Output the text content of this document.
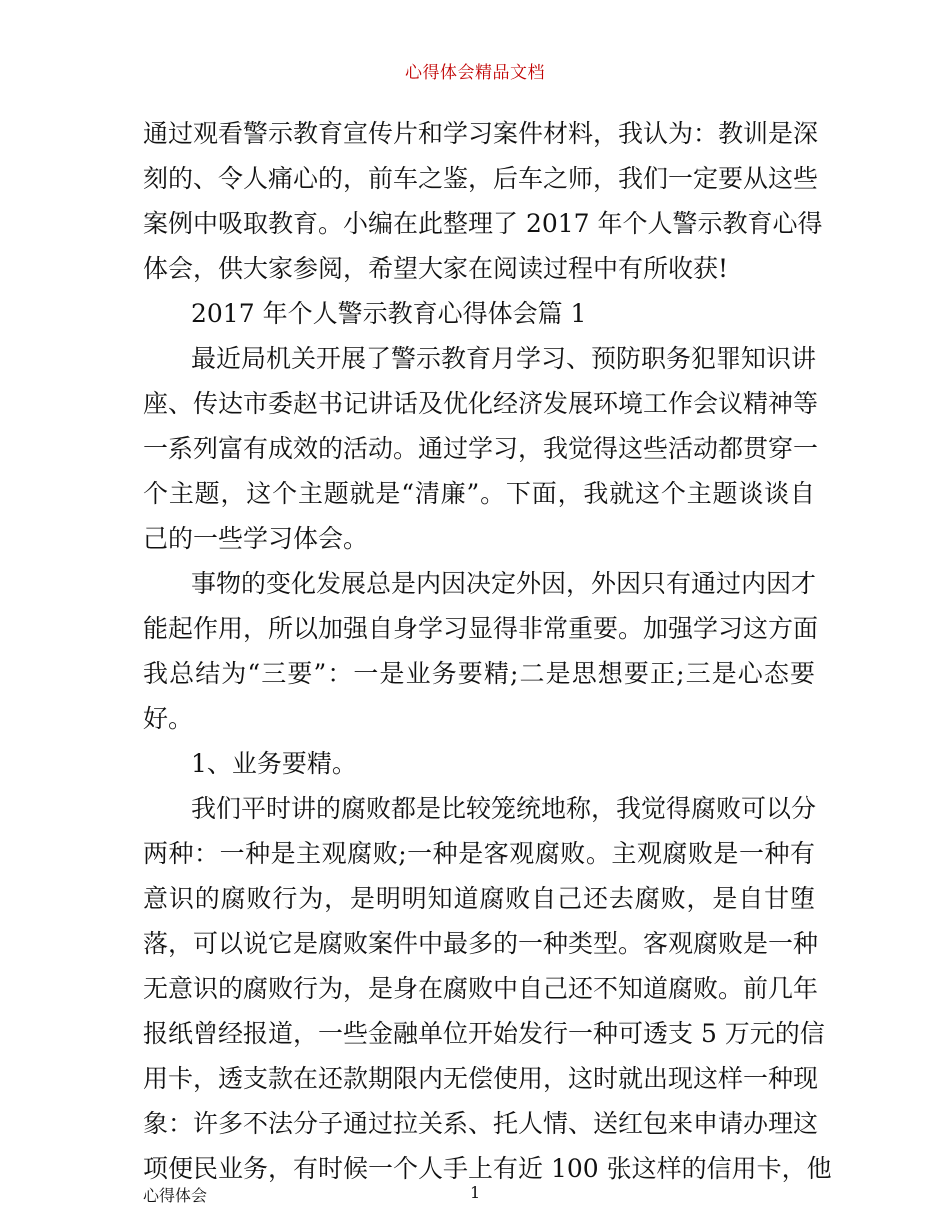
心得体会精品文档
通过观看警示教育宣传片和学习案件材料，我认为：教训是深
刻的、令人痛心的，前车之鉴，后车之师，我们一定要从这些
案例中吸取教育。小编在此整理了 2017 年个人警示教育心得
体会，供大家参阅，希望大家在阅读过程中有所收获!
2017 年个人警示教育心得体会篇 1
最近局机关开展了警示教育月学习、预防职务犯罪知识讲
座、传达市委赵书记讲话及优化经济发展环境工作会议精神等
一系列富有成效的活动。通过学习，我觉得这些活动都贯穿一
个主题，这个主题就是“清廉”。下面，我就这个主题谈谈自
己的一些学习体会。
事物的变化发展总是内因决定外因，外因只有通过内因才
能起作用，所以加强自身学习显得非常重要。加强学习这方面
我总结为“三要”：一是业务要精;二是思想要正;三是心态要
好。
1、业务要精。
我们平时讲的腐败都是比较笼统地称，我觉得腐败可以分
两种：一种是主观腐败;一种是客观腐败。主观腐败是一种有
意识的腐败行为，是明明知道腐败自己还去腐败，是自甘堕
落，可以说它是腐败案件中最多的一种类型。客观腐败是一种
无意识的腐败行为，是身在腐败中自己还不知道腐败。前几年
报纸曾经报道，一些金融单位开始发行一种可透支 5 万元的信
用卡，透支款在还款期限内无偿使用，这时就出现这样一种现
象：许多不法分子通过拉关系、托人情、送红包来申请办理这
项便民业务，有时候一个人手上有近 100 张这样的信用卡，他
心得体会	1
